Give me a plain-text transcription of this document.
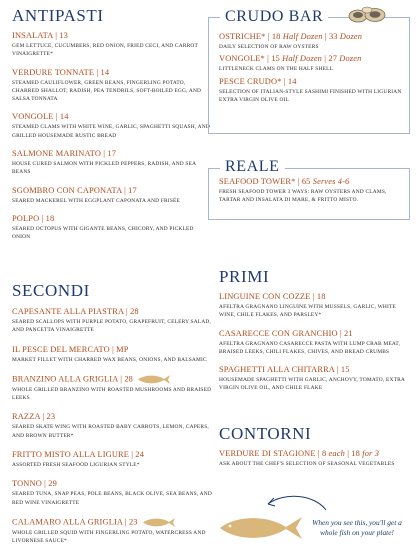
ANTIPASTI
INSALATA | 13
GEM LETTUCE, CUCUMBERS, RED ONION, FRIED CECI, AND CARROT VINAIGRETTE*
VERDURE TONNATE | 14
STEAMED CAULIFLOWER, GREEN BEANS, FINGERLING POTATO, CHARRED SHALLOT, RADISH, PEA TENDRILS, SOFT-BOILED EGG, AND SALSA TONNATA
VONGOLE | 14
STEAMED CLAMS WITH WHITE WINE, GARLIC, SPAGHETTI SQUASH, AND GRILLED HOUSEMADE RUSTIC BREAD
SALMONE MARINATO | 17
HOUSE CURED SALMON WITH PICKLED PEPPERS, RADISH, AND SEA BEANS
SGOMBRO CON CAPONATA | 17
SEARED MACKEREL WITH EGGPLANT CAPONATA AND FRISÉE
POLPO | 18
SEARED OCTOPUS WITH GIGANTE BEANS, CHICORY, AND PICKLED ONION
SECONDI
CAPESANTE ALLA PIASTRA | 28
SEARED SCALLOPS WITH PURPLE POTATO, GRAPEFRUIT, CELERY SALAD, AND PANCETTA VINAIGRETTE
IL PESCE DEL MERCATO | MP
MARKET FILLET WITH CHARRED WAX BEANS, ONIONS, AND BALSAMIC
BRANZINO ALLA GRIGLIA | 28
WHOLE GRILLED BRANZINO WITH ROASTED MUSHROOMS AND BRAISED LEEKS
RAZZA | 23
SEARED SKATE WING WITH ROASTED BABY CARROTS, LEMON, CAPERS, AND BROWN BUTTER*
FRITTO MISTO ALLA LIGURE | 24
ASSORTED FRESH SEAFOOD LIGURIAN STYLE*
TONNO | 29
SEARED TUNA, SNAP PEAS, POLE BEANS, BLACK OLIVE, SEA BEANS, AND RED WINE VINAIGRETTE
CALAMARO ALLA GRIGLIA | 23
WHOLE GRILLED SQUID WITH FINGERLING POTATO, WATERCRESS AND LIVORNESE SAUCE*
CRUDO BAR
OSTRICHE* | 18 Half Dozen | 33 Dozen
DAILY SELECTION OF RAW OYSTERS
VONGOLE* | 15 Half Dozen | 27 Dozen
LITTLENECK CLAMS ON THE HALF SHELL
PESCE CRUDO* | 14
SELECTION OF ITALIAN-STYLE SASHIMI FINISHED WITH LIGURIAN EXTRA VIRGIN OLIVE OIL
REALE
SEAFOOD TOWER* | 65 Serves 4-6
FRESH SEAFOOD TOWER 3 WAYS: RAW OYSTERS AND CLAMS, TARTAR AND INSALATA DI MARE, & FRITTO MISTO.
PRIMI
LINGUINE CON COZZE | 18
AFELTRA GRAGNANO LINGUINE WITH MUSSELS, GARLIC, WHITE WINE, CHILE FLAKES, AND PARSLEY*
CASARECCE CON GRANCHIO | 21
AFELTRA GRAGNANO CASARECCE PASTA WITH LUMP CRAB MEAT, BRAISED LEEKS, CHILI FLAKES, CHIVES, AND BREAD CRUMBS
SPAGHETTI ALLA CHITARRA | 15
HOUSEMADE SPAGHETTI WITH GARLIC, ANCHOVY, TOMATO, EXTRA VIRGIN OLIVE OIL, AND CHILE FLAKE
CONTORNI
VERDURE DI STAGIONE | 8 each | 18 for 3
ASK ABOUT THE CHEF'S SELECTION OF SEASONAL VEGETABLES
When you see this, you'll get a
whole fish on your plate!
